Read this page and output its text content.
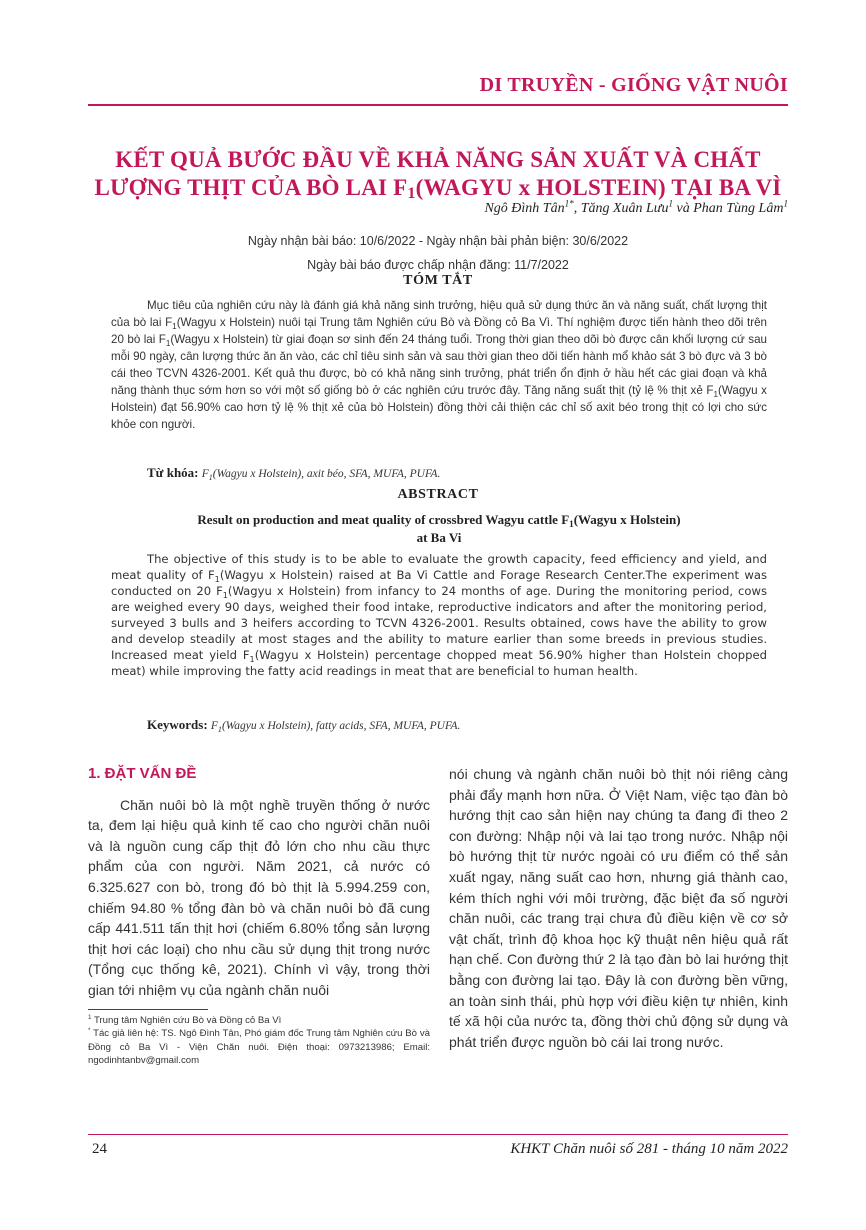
DI TRUYỀN - GIỐNG VẬT NUÔI
KẾT QUẢ BƯỚC ĐẦU VỀ KHẢ NĂNG SẢN XUẤT VÀ CHẤT
LƯỢNG THỊT CỦA BÒ LAI $F_1(WAGYU$ x HOLSTEIN) TẠI BA VÌ
Ngô Đình Tân$^{1*}$, Tăng Xuân Lưu$^1$ và Phan Tùng Lâm$^1$
Ngày nhận bài báo: 10/6/2022 - Ngày nhận bài phản biện: 30/6/2022
Ngày bài báo được chấp nhận đăng: 11/7/2022
TÓM TẮT
Mục tiêu của nghiên cứu này là đánh giá khả năng sinh trưởng, hiệu quả sử dụng thức ăn và năng suất, chất lượng thịt của bò lai $F_1(Wagyu$ x Holstein) nuôi tại Trung tâm Nghiên cứu Bò và Đồng cỏ Ba Vì. Thí nghiệm được tiến hành theo dõi trên 20 bò lai $F_1(Wagyu$ x Holstein) từ giai đoạn sơ sinh đến 24 tháng tuổi. Trong thời gian theo dõi bò được cân khối lượng cứ sau mỗi 90 ngày, cân lượng thức ăn ăn vào, các chỉ tiêu sinh sản và sau thời gian theo dõi tiến hành mổ khảo sát 3 bò đực và 3 bò cái theo TCVN 4326-2001. Kết quả thu được, bò có khả năng sinh trưởng, phát triển ổn định ở hầu hết các giai đoạn và khả năng thành thục sớm hơn so với một số giống bò ở các nghiên cứu trước đây. Tăng năng suất thịt (tỷ lệ % thịt xẻ $F_1(Wagyu$ x Holstein) đạt 56.90% cao hơn tỷ lệ % thịt xẻ của bò Holstein) đồng thời cải thiện các chỉ số axit béo trong thịt có lợi cho sức khỏe con người.
Từ khóa: $F_1(Wagyu$ x Holstein), axit béo, SFA, MUFA, PUFA.
ABSTRACT
Result on production and meat quality of crossbred Wagyu cattle $F_1(Wagyu$ x Holstein)
at Ba Vi
The objective of this study is to be able to evaluate the growth capacity, feed efficiency and yield, and meat quality of $F_1(Wagyu$ x Holstein) raised at Ba Vi Cattle and Forage Research Center.The experiment was conducted on 20 $F_1(Wagyu$ x Holstein) from infancy to 24 months of age. During the monitoring period, cows are weighed every 90 days, weighed their food intake, reproductive indicators and after the monitoring period, surveyed 3 bulls and 3 heifers according to TCVN 4326-2001. Results obtained, cows have the ability to grow and develop steadily at most stages and the ability to mature earlier than some breeds in previous studies. Increased meat yield $F_1(Wagyu$ x Holstein) percentage chopped meat 56.90% higher than Holstein chopped meat) while improving the fatty acid readings in meat that are beneficial to human health.
Keywords: $F_1(Wagyu$ x Holstein), fatty acids, SFA, MUFA, PUFA.
1. ĐẶT VẤN ĐỀ

Chăn nuôi bò là một nghề truyền thống ở nước ta, đem lại hiệu quả kinh tế cao cho người chăn nuôi và là nguồn cung cấp thịt đỏ lớn cho nhu cầu thực phẩm của con người. Năm 2021, cả nước có 6.325.627 con bò, trong đó bò thịt là 5.994.259 con, chiếm 94.80 % tổng đàn bò và chăn nuôi bò đã cung cấp 441.511 tấn thịt hơi (chiếm 6.80% tổng sản lượng thịt hơi các loại) cho nhu cầu sử dụng thịt trong nước (Tổng cục thống kê, 2021). Chính vì vậy, trong thời gian tới nhiệm vụ của ngành chăn nuôi

$^1$ Trung tâm Nghiên cứu Bò và Đồng cỏ Ba Vì
* Tác giả liên hệ: TS. Ngô Đình Tân, Phó giám đốc Trung tâm Nghiên cứu Bò và Đồng cỏ Ba Vì - Viện Chăn nuôi. Điện thoại: 0973213986; Email: ngodinhtanbv@gmail.com

nói chung và ngành chăn nuôi bò thịt nói riêng càng phải đẩy mạnh hơn nữa. Ở Việt Nam, việc tạo đàn bò hướng thịt cao sản hiện nay chúng ta đang đi theo 2 con đường: Nhập nội và lai tạo trong nước. Nhập nội bò hướng thịt từ nước ngoài có ưu điểm có thể sản xuất ngay, năng suất cao hơn, nhưng giá thành cao, kém thích nghi với môi trường, đặc biệt đa số người chăn nuôi, các trang trại chưa đủ điều kiện về cơ sở vật chất, trình độ khoa học kỹ thuật nên hiệu quả rất hạn chế. Con đường thứ 2 là tạo đàn bò lai hướng thịt bằng con đường lai tạo. Đây là con đường bền vững, an toàn sinh thái, phù hợp với điều kiện tự nhiên, kinh tế xã hội của nước ta, đồng thời chủ động sử dụng và phát triển được nguồn bò cái lai trong nước.

24	KHKT Chăn nuôi số 281 - tháng 10 năm 2022
